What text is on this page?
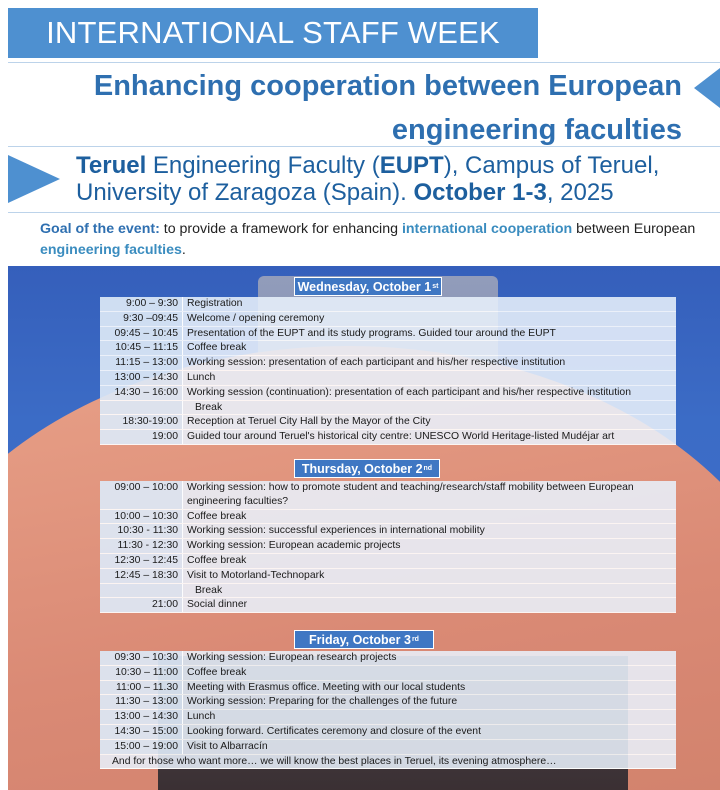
INTERNATIONAL STAFF WEEK
Enhancing cooperation between European
engineering faculties
Teruel Engineering Faculty (EUPT), Campus of Teruel,
University of Zaragoza (Spain). October 1-3, 2025
Goal of the event: to provide a framework for enhancing international cooperation between European engineering faculties.
Wednesday, October 1 st
9:00 – 9:30 Registration
9:30 –09:45 Welcome / opening ceremony
09:45 – 10:45 Presentation of the EUPT and its study programs. Guided tour around the EUPT
10:45 – 11:15 Coffee break
11:15 – 13:00 Working session: presentation of each participant and his/her respective institution
13:00 – 14:30 Lunch
14:30 – 16:00 Working session (continuation): presentation of each participant and his/her respective institution
Break
18:30-19:00 Reception at Teruel City Hall by the Mayor of the City
19:00 Guided tour around Teruel's historical city centre: UNESCO World Heritage-listed Mudéjar art
Thursday, October 2 nd
09:00 – 10:00 Working session: how to promote student and teaching/research/staff mobility between European engineering faculties?
10:00 – 10:30 Coffee break
10:30 - 11:30 Working session: successful experiences in international mobility
11:30 - 12:30 Working session: European academic projects
12:30 – 12:45 Coffee break
12:45 – 18:30 Visit to Motorland-Technopark
Break
21:00 Social dinner
Friday, October 3 rd
09:30 – 10:30 Working session: European research projects
10:30 – 11:00 Coffee break
11:00 – 11.30 Meeting with Erasmus office. Meeting with our local students
11:30 – 13:00 Working session: Preparing for the challenges of the future
13:00 – 14:30 Lunch
14:30 – 15:00 Looking forward. Certificates ceremony and closure of the event
15:00 – 19:00 Visit to Albarracín
And for those who want more… we will know the best places in Teruel, its evening atmosphere…
